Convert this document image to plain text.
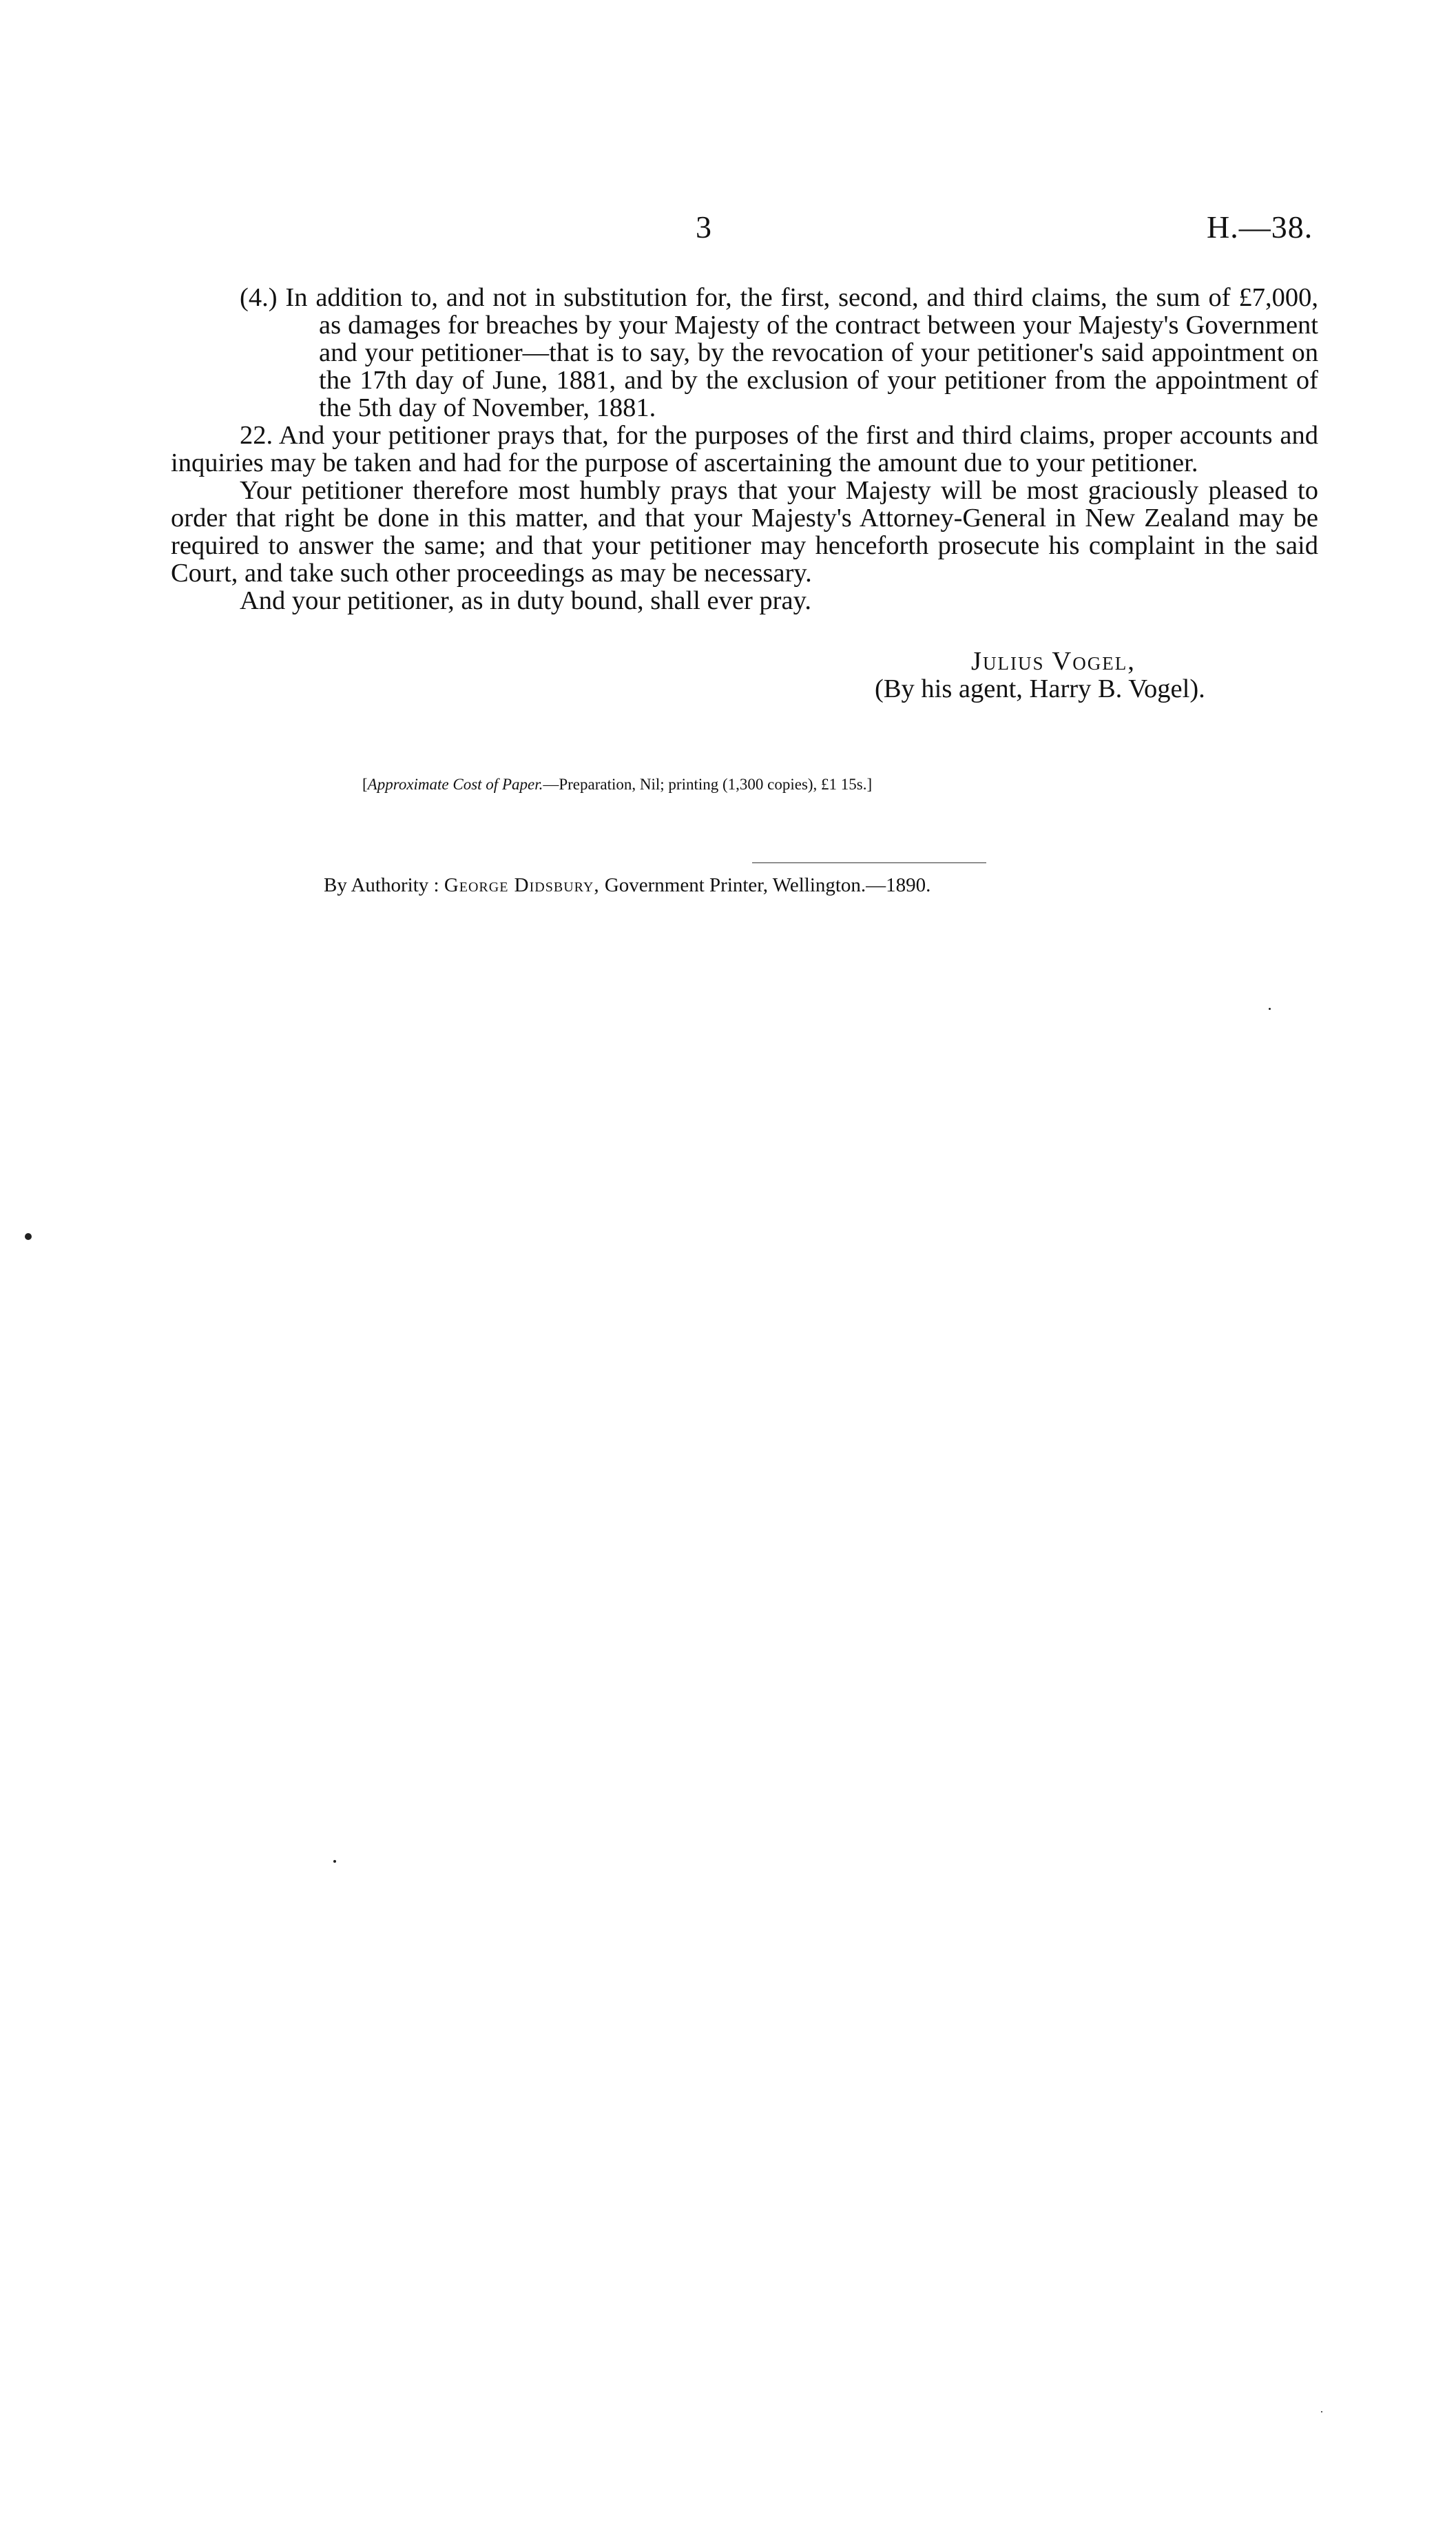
3	H.—38.

(4.) In addition to, and not in substitution for, the first, second, and third claims, the sum of £7,000, as damages for breaches by your Majesty of the contract between your Majesty's Government and your petitioner—that is to say, by the revocation of your petitioner's said appointment on the 17th day of June, 1881, and by the exclusion of your petitioner from the appointment of the 5th day of November, 1881.

22. And your petitioner prays that, for the purposes of the first and third claims, proper accounts and inquiries may be taken and had for the purpose of ascertaining the amount due to your petitioner.

Your petitioner therefore most humbly prays that your Majesty will be most graciously pleased to order that right be done in this matter, and that your Majesty's Attorney-General in New Zealand may be required to answer the same; and that your petitioner may henceforth prosecute his complaint in the said Court, and take such other proceedings as may be necessary.

And your petitioner, as in duty bound, shall ever pray.

Julius Vogel,

(By his agent, Harry B. Vogel).

[Approximate Cost of Paper.—Preparation, Nil; printing (1,300 copies), £1 15s.]
By Authority : George Didsbury, Government Printer, Wellington.—1890.
